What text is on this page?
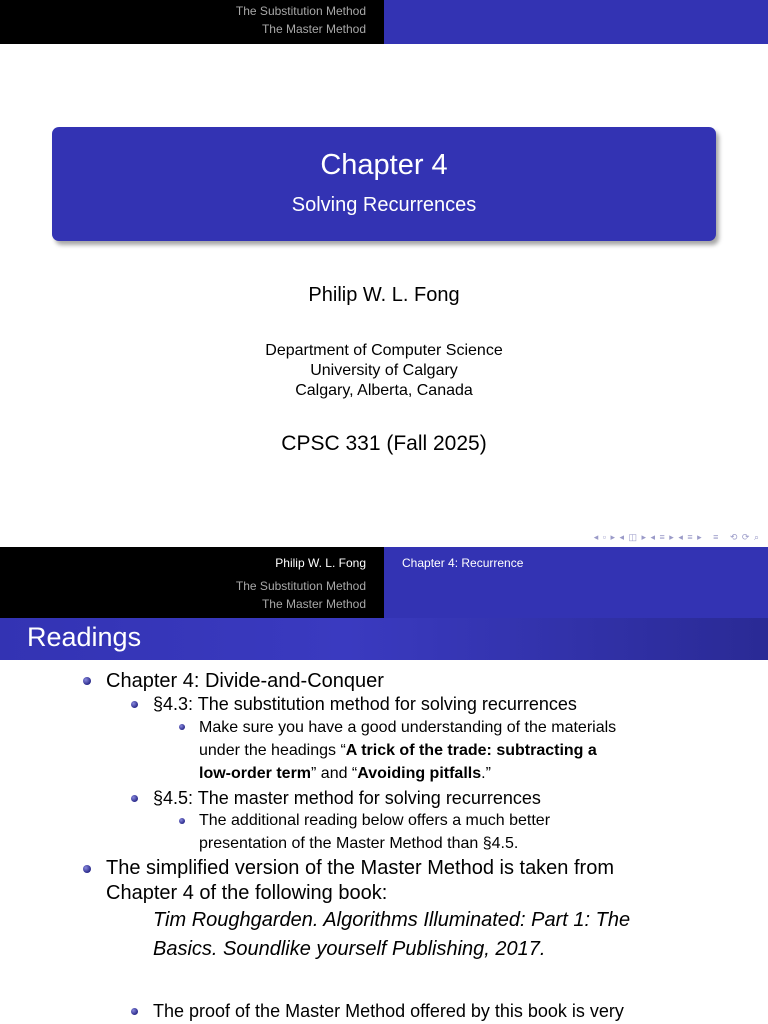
The Substitution Method
The Master Method
Chapter 4
Solving Recurrences
Philip W. L. Fong
Department of Computer Science
University of Calgary
Calgary, Alberta, Canada
CPSC 331 (Fall 2025)
◂ ▫ ▸ ◂ ◫ ▸ ◂ ≡ ▸ ◂ ≡ ▸   ≡   ⟲ ⟳ ⌕
Philip W. L. Fong
The Substitution Method
The Master Method
Chapter 4: Recurrence
Readings
Chapter 4: Divide-and-Conquer
§4.3: The substitution method for solving recurrences
Make sure you have a good understanding of the materials
under the headings “A trick of the trade: subtracting a
low-order term” and “Avoiding pitfalls.”
§4.5: The master method for solving recurrences
The additional reading below offers a much better
presentation of the Master Method than §4.5.
The simplified version of the Master Method is taken from
Chapter 4 of the following book:
Tim Roughgarden. Algorithms Illuminated: Part 1: The
Basics. Soundlike yourself Publishing, 2017.
The proof of the Master Method offered by this book is very
